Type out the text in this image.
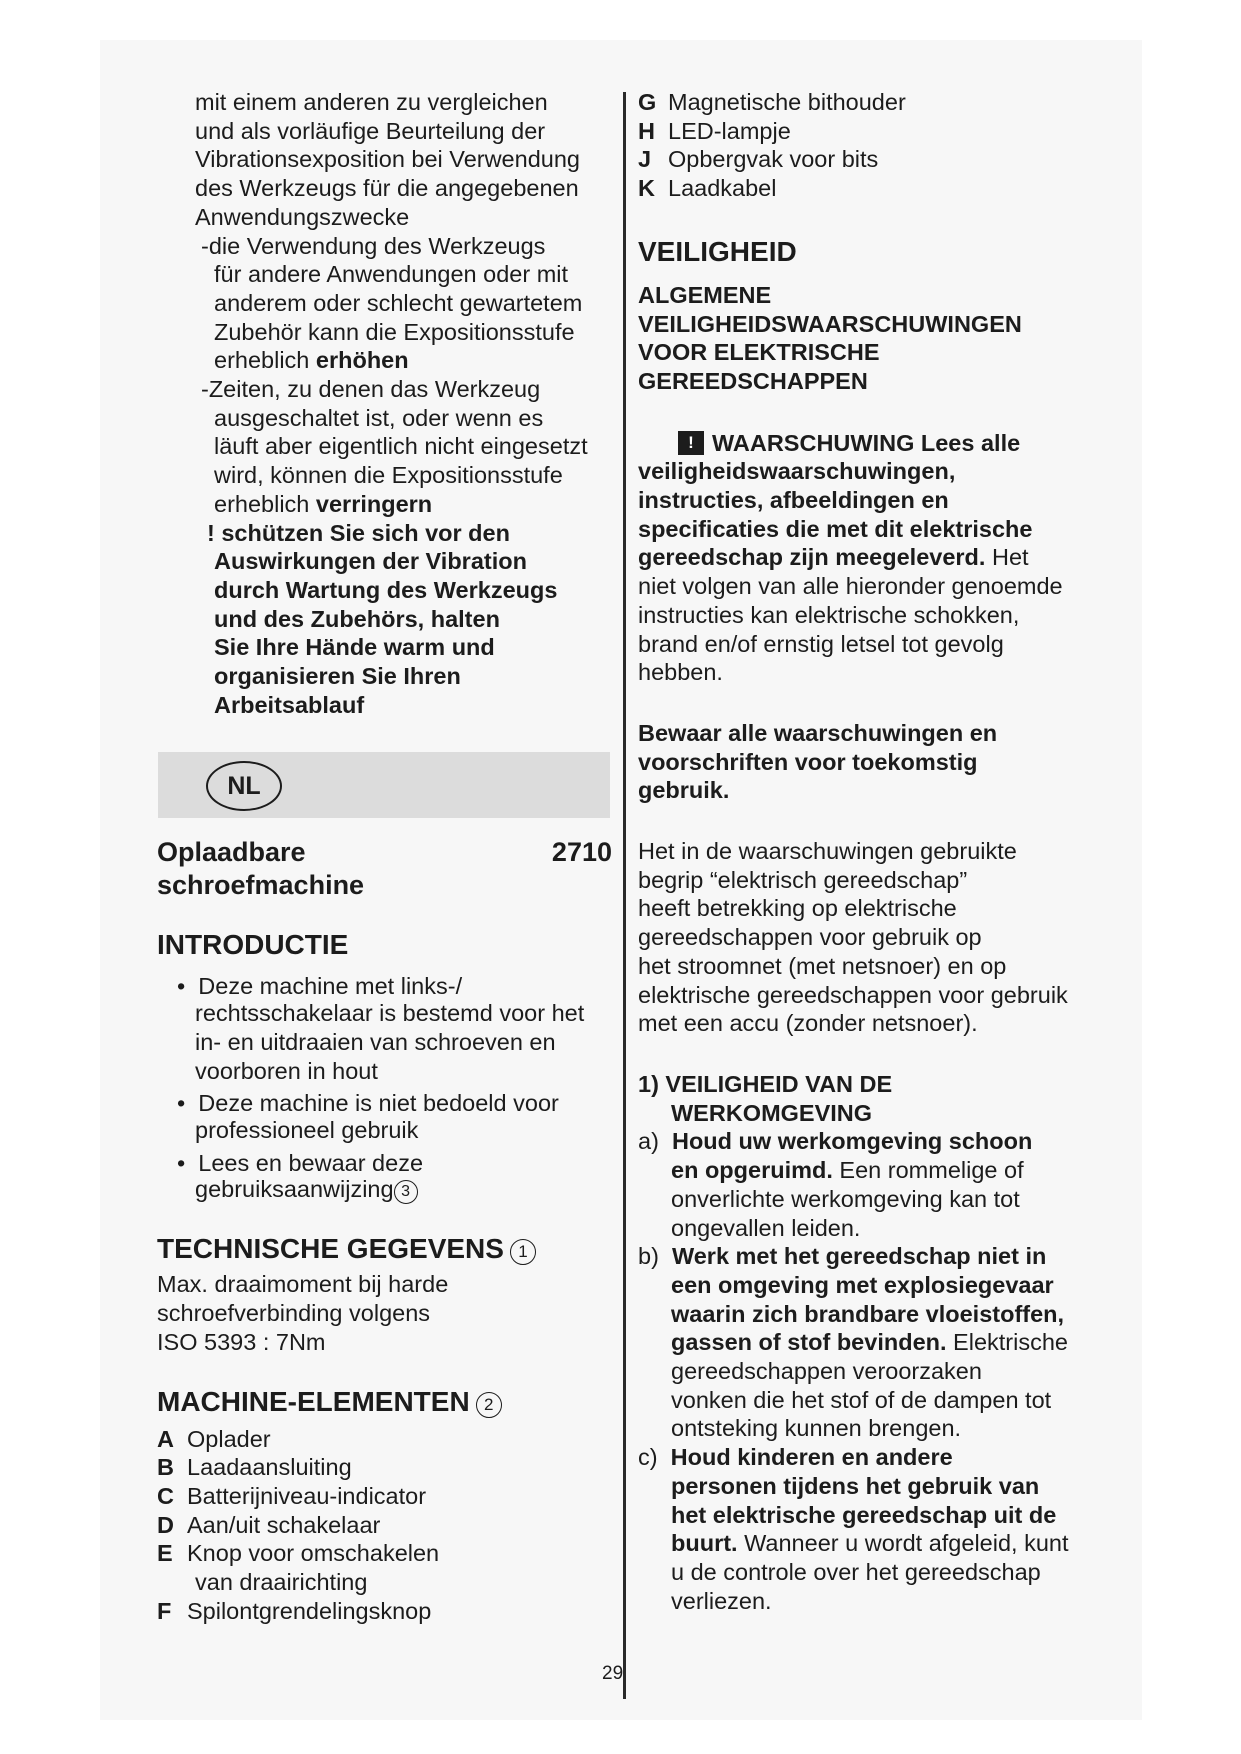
mit einem anderen zu vergleichen
und als vorläufige Beurteilung der
Vibrationsexposition bei Verwendung
des Werkzeugs für die angegebenen
Anwendungszwecke
-die Verwendung des Werkzeugs
für andere Anwendungen oder mit
anderem oder schlecht gewartetem
Zubehör kann die Expositionsstufe
erheblich erhöhen
-Zeiten, zu denen das Werkzeug
ausgeschaltet ist, oder wenn es
läuft aber eigentlich nicht eingesetzt
wird, können die Expositionsstufe
erheblich verringern
! schützen Sie sich vor den
Auswirkungen der Vibration
durch Wartung des Werkzeugs
und des Zubehörs, halten
Sie Ihre Hände warm und
organisieren Sie Ihren
Arbeitsablauf
NL
Oplaadbare
schroefmachine
2710
INTRODUCTIE
•  Deze machine met links-/
rechtsschakelaar is bestemd voor het
in- en uitdraaien van schroeven en
voorboren in hout
•  Deze machine is niet bedoeld voor
professioneel gebruik
•  Lees en bewaar deze
gebruiksaanwijzing 3
TECHNISCHE GEGEVENS 1
Max. draaimoment bij harde
schroefverbinding volgens
ISO 5393 : 7Nm
MACHINE-ELEMENTEN 2
A Oplader
B Laadaansluiting
C Batterijniveau-indicator
D Aan/uit schakelaar
E Knop voor omschakelen
van draairichting
F Spilontgrendelingsknop
G Magnetische bithouder
H LED-lampje
J Opbergvak voor bits
K Laadkabel
VEILIGHEID
ALGEMENE
VEILIGHEIDSWAARSCHUWINGEN
VOOR ELEKTRISCHE
GEREEDSCHAPPEN
! WAARSCHUWING Lees alle
veiligheidswaarschuwingen,
instructies, afbeeldingen en
specificaties die met dit elektrische
gereedschap zijn meegeleverd. Het
niet volgen van alle hieronder genoemde
instructies kan elektrische schokken,
brand en/of ernstig letsel tot gevolg
hebben.
Bewaar alle waarschuwingen en
voorschriften voor toekomstig
gebruik.
Het in de waarschuwingen gebruikte
begrip “elektrisch gereedschap”
heeft betrekking op elektrische
gereedschappen voor gebruik op
het stroomnet (met netsnoer) en op
elektrische gereedschappen voor gebruik
met een accu (zonder netsnoer).
1) VEILIGHEID VAN DE
WERKOMGEVING
a) Houd uw werkomgeving schoon
en opgeruimd. Een rommelige of
onverlichte werkomgeving kan tot
ongevallen leiden.
b) Werk met het gereedschap niet in
een omgeving met explosiegevaar
waarin zich brandbare vloeistoffen,
gassen of stof bevinden. Elektrische
gereedschappen veroorzaken
vonken die het stof of de dampen tot
ontsteking kunnen brengen.
c) Houd kinderen en andere
personen tijdens het gebruik van
het elektrische gereedschap uit de
buurt. Wanneer u wordt afgeleid, kunt
u de controle over het gereedschap
verliezen.
29
